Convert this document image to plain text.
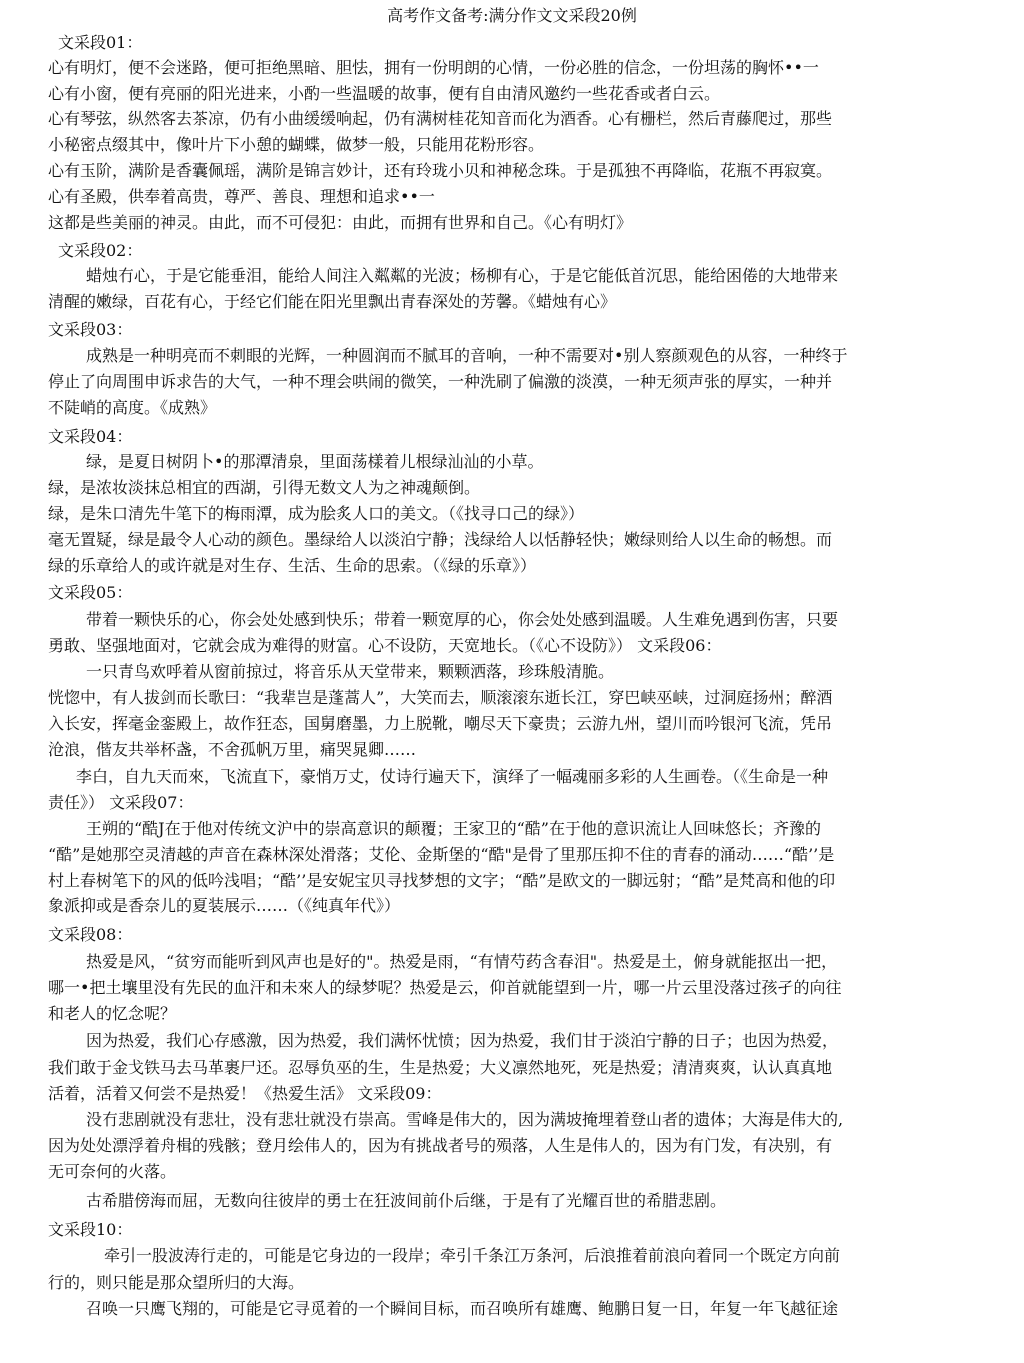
高考作文备考:满分作文文采段20例
文采段01：
心有明灯，便不会迷路，便可拒绝黑暗、胆怯，拥有一份明朗的心情，一份必胜的信念，一份坦荡的胸怀••一
心有小窗，便有亮丽的阳光进来，小酌一些温暖的故事，便有自由清风邀约一些花香或者白云。
心有琴弦，纵然客去茶凉，仍有小曲缓缓响起，仍有满树桂花知音而化为酒香。心有栅栏，然后青藤爬过，那些
小秘密点缀其中，像叶片下小憩的蝴蝶，做梦一般，只能用花粉形容。
心有玉阶，满阶是香囊佩瑶，满阶是锦言妙计，还有玲珑小贝和神秘念珠。于是孤独不再降临，花瓶不再寂寞。
心有圣殿，供奉着高贵，尊严、善良、理想和追求••一
这都是些美丽的神灵。由此，而不可侵犯：由此，而拥有世界和自己。《心有明灯》
文采段02：
蜡烛冇心，于是它能垂泪，能给人间注入粼粼的光波；杨柳有心，于是它能低首沉思，能给困倦的大地带来
清醒的嫩绿，百花有心，于经它们能在阳光里飘出青春深处的芳馨。《蜡烛有心》
文采段03：
成熟是一种明亮而不刺眼的光辉，一种圆润而不腻耳的音响，一种不需要对•别人察颜观色的从容，一种终于
停止了向周围申诉求告的大气，一种不理会哄闹的微笑，一种洗刷了偏激的淡漠，一种无须声张的厚实，一种并
不陡峭的高度。《成熟》
文采段04：
绿，是夏日树阴卜•的那潭清泉，里面荡樣着儿根绿汕汕的小草。
绿，是浓妆淡抹总相宜的西湖，引得无数文人为之神魂颠倒。
绿，是朱口清先牛笔下的梅雨潭，成为脍炙人口的美文。（《找寻口己的绿》）
毫无置疑，绿是最令人心动的颜色。墨绿给人以淡泊宁静；浅绿给人以恬静轻快；嫩绿则给人以生命的畅想。而
绿的乐章给人的或许就是对生存、生活、生命的思索。（《绿的乐章》）
文采段05：
带着一颗快乐的心，你会处处感到快乐；带着一颗宽厚的心，你会处处感到温暖。人生难免遇到伤害，只要
勇敢、坚强地面对，它就会成为难得的财富。心不设防，天宽地长。（《心不设防》） 文采段06：
一只青鸟欢呼着从窗前掠过，将音乐从天堂带来，颗颗洒落，珍珠般清脆。
恍惚中，有人拔剑而长歌曰：“我辈岂是蓬蒿人”，大笑而去，顺滚滚东逝长江，穿巴峡巫峡，过洞庭扬州；醉酒
入长安，挥毫金銮殿上，故作狂态，国舅磨墨，力上脱靴，嘲尽天下豪贵；云游九州，望川而吟银河飞流，凭吊
沧浪，偕友共举杯盏，不舍孤帆万里，痛哭晁卿……
李白，自九天而來，飞流直下，豪悄万丈，仗诗行遍天下，演绎了一幅魂丽多彩的人生画卷。（《生命是一种
责任》） 文采段07：
王朔的“酷J在于他对传统文沪中的崇高意识的颠覆；王家卫的“酷”在于他的意识流让人回味悠长；齐豫的
“酷”是她那空灵清越的声音在森林深处滑落；艾伦、金斯堡的“酷"是骨了里那压抑不住的青春的涌动……“酷’’是
村上春树笔下的风的低吟浅唱；“酷’’是安妮宝贝寻找梦想的文字；“酷”是欧文的一脚远射；“酷”是梵高和他的印
象派抑或是香奈儿的夏装展示……（《纯真年代》）
文采段08：
热爱是风，“贫穷而能听到风声也是好的"。热爱是雨，“有情芍药含春泪"。热爱是土，俯身就能抠出一把，
哪一•把土壤里没有先民的血汗和未來人的绿梦呢？热爱是云，仰首就能望到一片，哪一片云里没落过孩孑的向往
和老人的忆念呢？
因为热爱，我们心存感激，因为热爱，我们满怀忧愤；因为热爱，我们甘于淡泊宁静的日子；也因为热爱，
我们敢于金戈铁马去马革裹尸还。忍辱负巫的生，生是热爱；大义凛然地死，死是热爱；清清爽爽，认认真真地
活着，活着又何尝不是热爱！《热爱生活》 文采段09：
没冇悲剧就没有悲壮，没有悲壮就没冇崇高。雪峰是伟大的，因为满坡掩埋着登山者的遗体；大海是伟大的,
因为处处漂浮着舟楫的残骸；登月绘伟人的，因为有挑战者号的殒落，人生是伟人的，因为有门发，有决别，有
无可奈何的火落。
古希腊傍海而屈，无数向往彼岸的勇士在狂波间前仆后继，于是有了光耀百世的希腊悲剧。
文采段10：
牵引一股波涛行走的，可能是它身边的一段岸；牵引千条江万条河，后浪推着前浪向着同一个既定方向前
行的，则只能是那众望所归的大海。
召唤一只鹰飞翔的，可能是它寻觅着的一个瞬间目标，而召唤所有雄鹰、鲍鹏日复一日，年复一年飞越征途
